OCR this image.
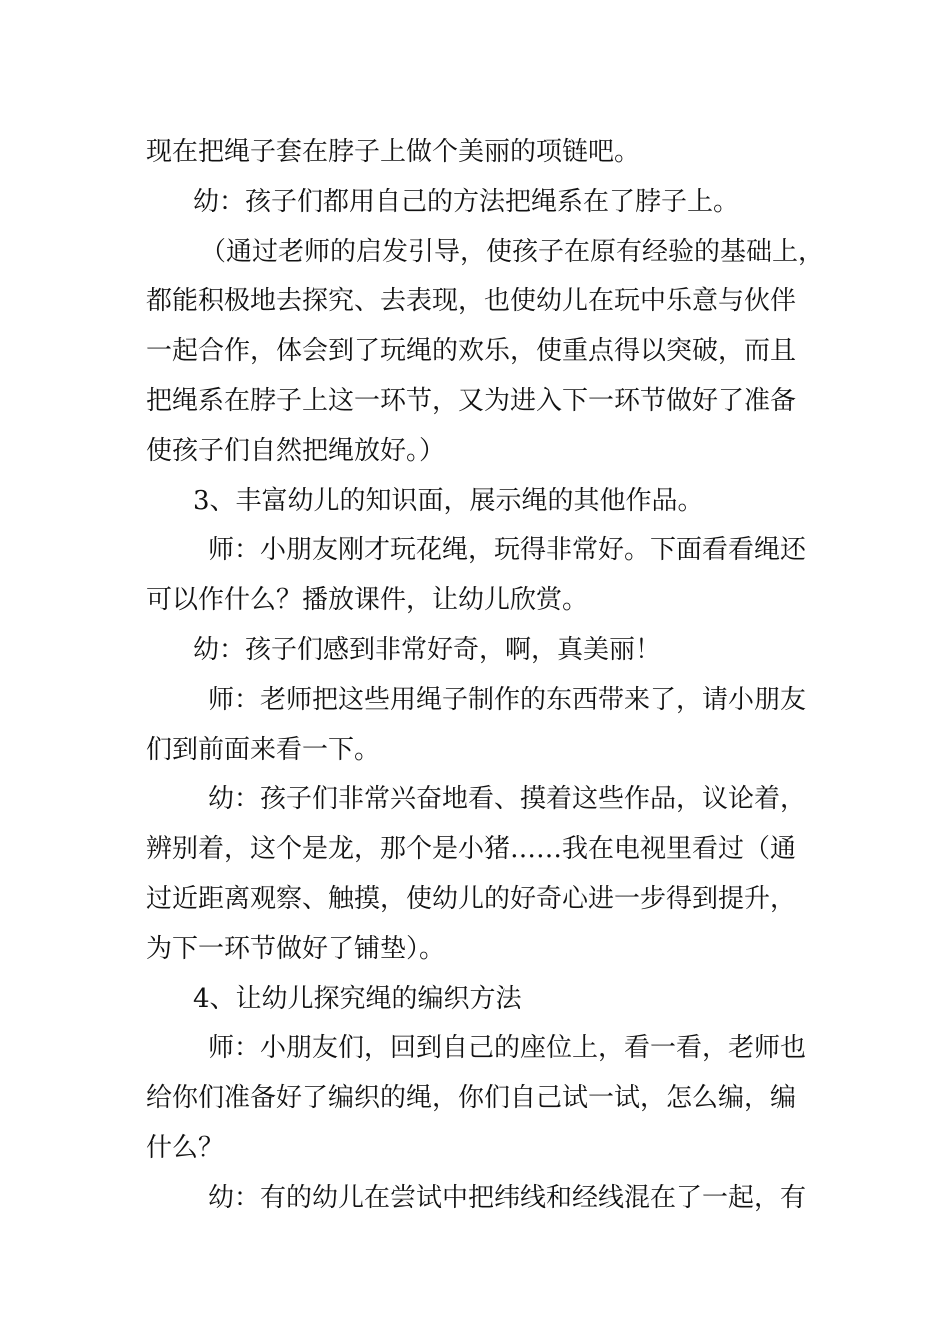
现在把绳子套在脖子上做个美丽的项链吧。
幼：孩子们都用自己的方法把绳系在了脖子上。
（通过老师的启发引导，使孩子在原有经验的基础上，
都能积极地去探究、去表现，也使幼儿在玩中乐意与伙伴
一起合作，体会到了玩绳的欢乐，使重点得以突破，而且
把绳系在脖子上这一环节，又为进入下一环节做好了准备
使孩子们自然把绳放好。）
3、丰富幼儿的知识面，展示绳的其他作品。
师：小朋友刚才玩花绳，玩得非常好。下面看看绳还
可以作什么？播放课件，让幼儿欣赏。
幼：孩子们感到非常好奇，啊，真美丽！
师：老师把这些用绳子制作的东西带来了，请小朋友
们到前面来看一下。
幼：孩子们非常兴奋地看、摸着这些作品，议论着，
辨别着，这个是龙，那个是小猪……我在电视里看过（通
过近距离观察、触摸，使幼儿的好奇心进一步得到提升，
为下一环节做好了铺垫）。
4、让幼儿探究绳的编织方法
师：小朋友们，回到自己的座位上，看一看，老师也
给你们准备好了编织的绳，你们自己试一试，怎么编，编
什么？
幼：有的幼儿在尝试中把纬线和经线混在了一起，有
